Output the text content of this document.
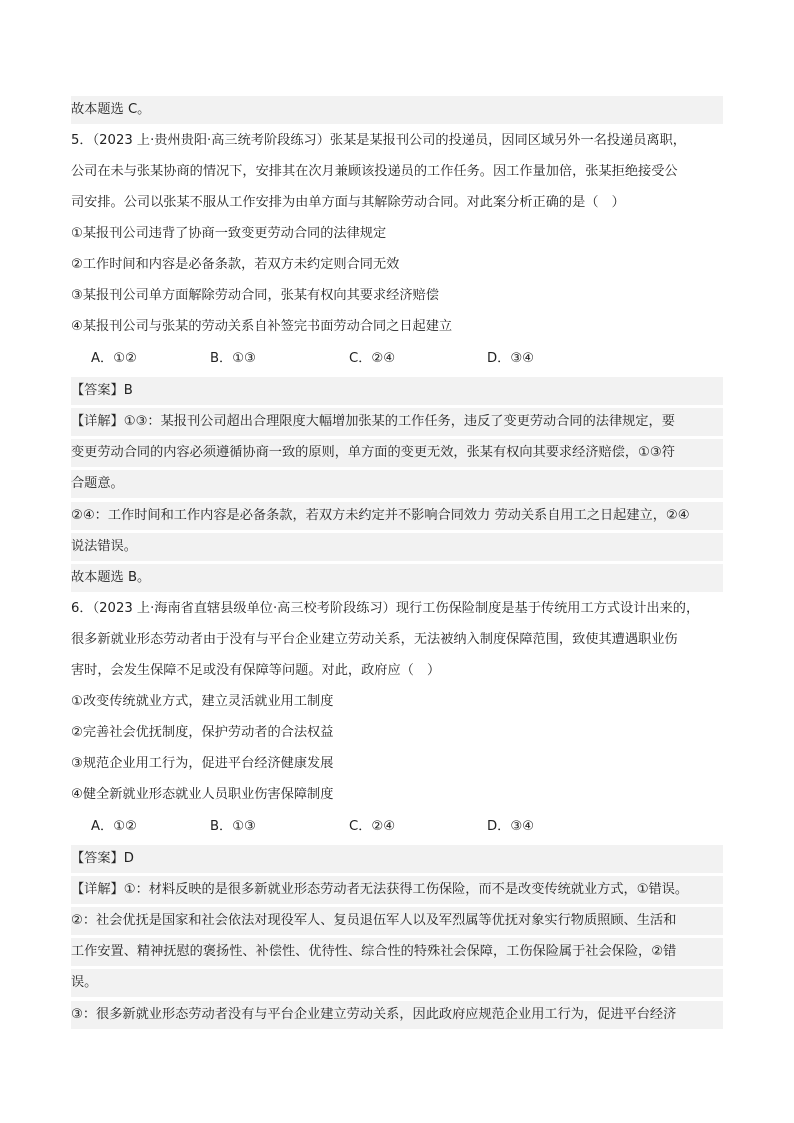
故本题选 C。
5．（2023 上·贵州贵阳·高三统考阶段练习）张某是某报刊公司的投递员，因同区域另外一名投递员离职，
公司在未与张某协商的情况下，安排其在次月兼顾该投递员的工作任务。因工作量加倍，张某拒绝接受公
司安排。公司以张某不服从工作安排为由单方面与其解除劳动合同。对此案分析正确的是（　）
①某报刊公司违背了协商一致变更劳动合同的法律规定
②工作时间和内容是必备条款，若双方未约定则合同无效
③某报刊公司单方面解除劳动合同，张某有权向其要求经济赔偿
④某报刊公司与张某的劳动关系自补签完书面劳动合同之日起建立
A．①②	B．①③	C．②④	D．③④
【答案】B
【详解】①③：某报刊公司超出合理限度大幅增加张某的工作任务，违反了变更劳动合同的法律规定，要
变更劳动合同的内容必须遵循协商一致的原则，单方面的变更无效，张某有权向其要求经济赔偿，①③符
合题意。
②④：工作时间和工作内容是必备条款，若双方未约定并不影响合同效力 劳动关系自用工之日起建立，②④
说法错误。
故本题选 B。
6．（2023 上·海南省直辖县级单位·高三校考阶段练习）现行工伤保险制度是基于传统用工方式设计出来的，
很多新就业形态劳动者由于没有与平台企业建立劳动关系，无法被纳入制度保障范围，致使其遭遇职业伤
害时，会发生保障不足或没有保障等问题。对此，政府应（　）
①改变传统就业方式，建立灵活就业用工制度
②完善社会优抚制度，保护劳动者的合法权益
③规范企业用工行为，促进平台经济健康发展
④健全新就业形态就业人员职业伤害保障制度
A．①②	B．①③	C．②④	D．③④
【答案】D
【详解】①：材料反映的是很多新就业形态劳动者无法获得工伤保险，而不是改变传统就业方式，①错误。
②：社会优抚是国家和社会依法对现役军人、复员退伍军人以及军烈属等优抚对象实行物质照顾、生活和
工作安置、精神抚慰的褒扬性、补偿性、优待性、综合性的特殊社会保障，工伤保险属于社会保险，②错
误。
③：很多新就业形态劳动者没有与平台企业建立劳动关系，因此政府应规范企业用工行为，促进平台经济
